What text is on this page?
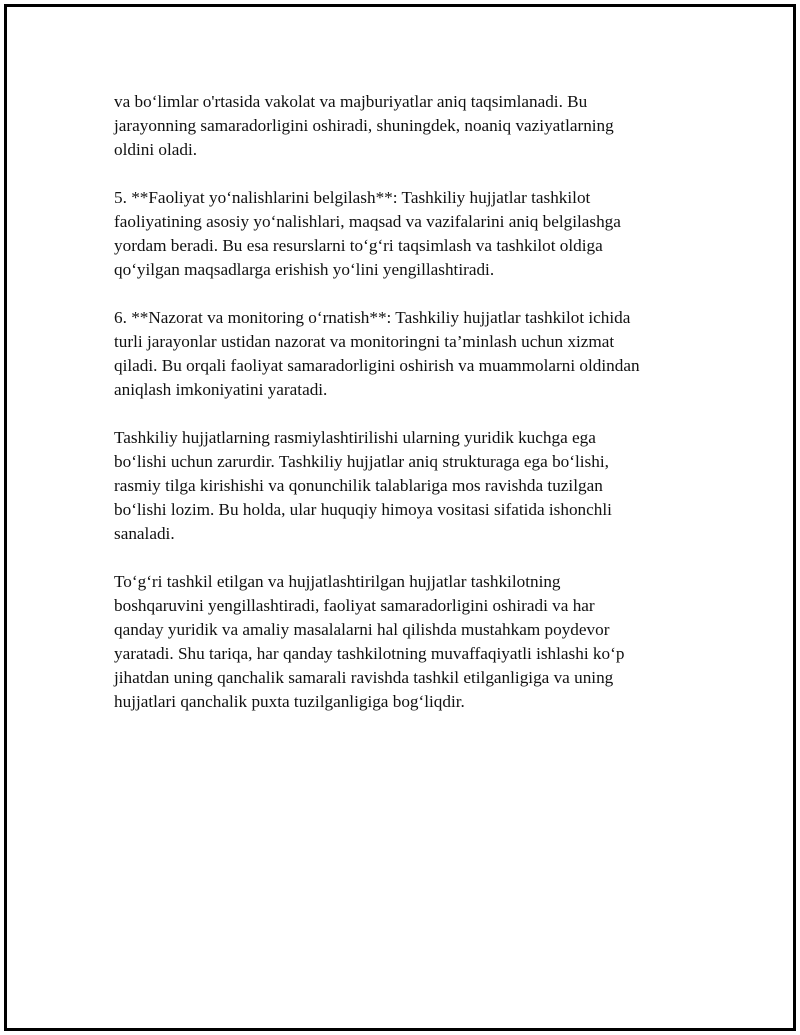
va bo‘limlar o'rtasida vakolat va majburiyatlar aniq taqsimlanadi. Bu
jarayonning samaradorligini oshiradi, shuningdek, noaniq vaziyatlarning
oldini oladi.

5. **Faoliyat yo‘nalishlarini belgilash**: Tashkiliy hujjatlar tashkilot
faoliyatining asosiy yo‘nalishlari, maqsad va vazifalarini aniq belgilashga
yordam beradi. Bu esa resurslarni to‘g‘ri taqsimlash va tashkilot oldiga
qo‘yilgan maqsadlarga erishish yo‘lini yengillashtiradi.

6. **Nazorat va monitoring o‘rnatish**: Tashkiliy hujjatlar tashkilot ichida
turli jarayonlar ustidan nazorat va monitoringni ta’minlash uchun xizmat
qiladi. Bu orqali faoliyat samaradorligini oshirish va muammolarni oldindan
aniqlash imkoniyatini yaratadi.

Tashkiliy hujjatlarning rasmiylashtirilishi ularning yuridik kuchga ega
bo‘lishi uchun zarurdir. Tashkiliy hujjatlar aniq strukturaga ega bo‘lishi,
rasmiy tilga kirishishi va qonunchilik talablariga mos ravishda tuzilgan
bo‘lishi lozim. Bu holda, ular huquqiy himoya vositasi sifatida ishonchli
sanaladi.

To‘g‘ri tashkil etilgan va hujjatlashtirilgan hujjatlar tashkilotning
boshqaruvini yengillashtiradi, faoliyat samaradorligini oshiradi va har
qanday yuridik va amaliy masalalarni hal qilishda mustahkam poydevor
yaratadi. Shu tariqa, har qanday tashkilotning muvaffaqiyatli ishlashi ko‘p
jihatdan uning qanchalik samarali ravishda tashkil etilganligiga va uning
hujjatlari qanchalik puxta tuzilganligiga bog‘liqdir.
